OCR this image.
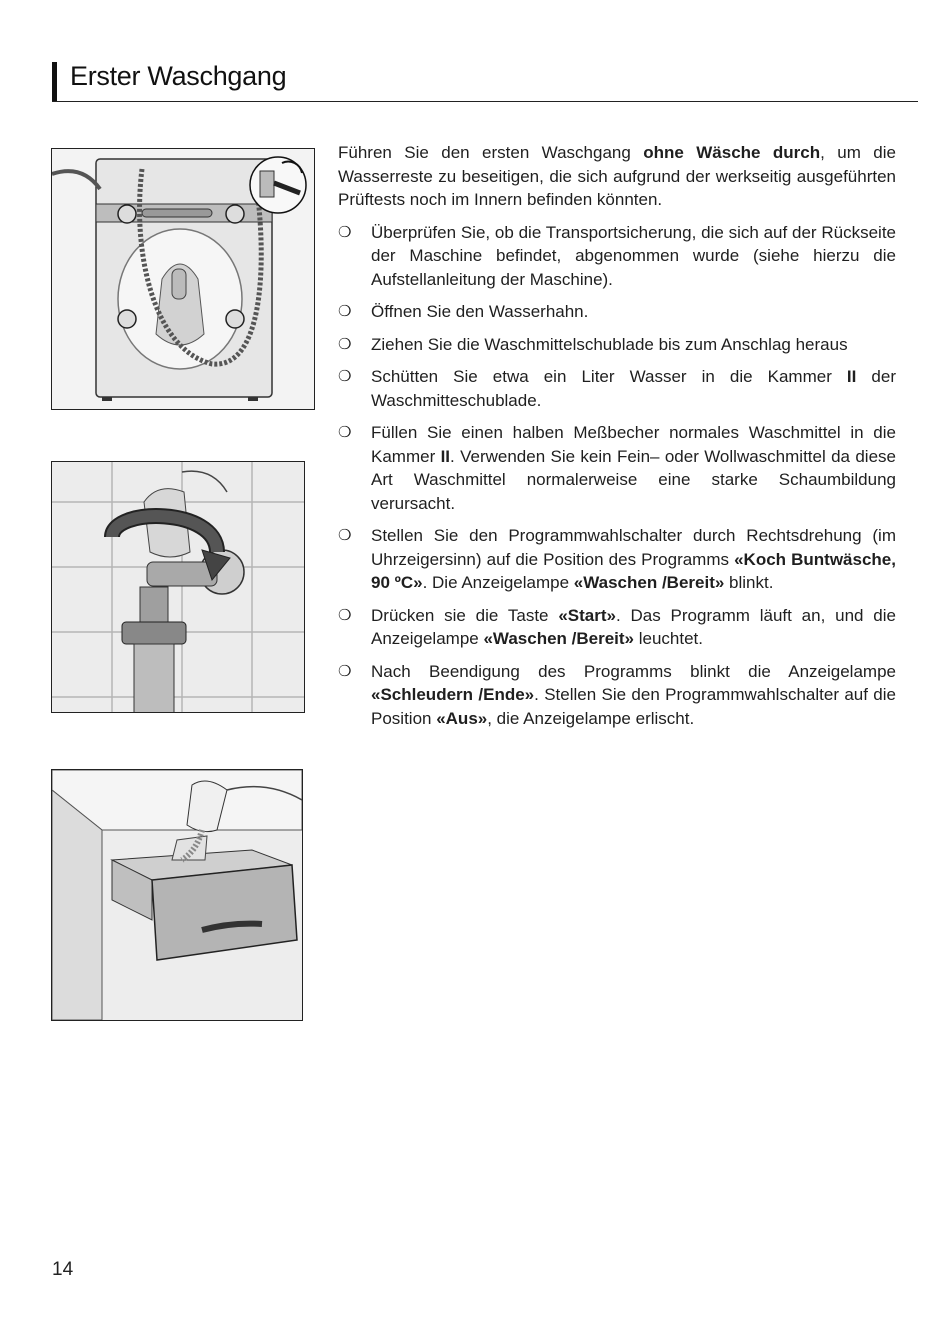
Erster Waschgang

Führen Sie den ersten Waschgang ohne Wäsche durch, um die Wasserreste zu beseitigen, die sich aufgrund der werkseitig ausgeführten Prüftests noch im Innern befinden könnten.

❍ Überprüfen Sie, ob die Transportsicherung, die sich auf der Rückseite der Maschine befindet, abgenommen wurde (siehe hierzu die Aufstellanleitung der Maschine).
❍ Öffnen Sie den Wasserhahn.
❍ Ziehen Sie die Waschmittelschublade bis zum Anschlag heraus
❍ Schütten Sie etwa ein Liter Wasser in die Kammer II der Waschmitteschublade.
❍ Füllen Sie einen halben Meßbecher normales Waschmittel in die Kammer II. Verwenden Sie kein Fein– oder Wollwaschmittel da diese Art Waschmittel normalerweise eine starke Schaumbildung verursacht.
❍ Stellen Sie den Programmwahlschalter durch Rechtsdrehung (im Uhrzeigersinn) auf die Position des Programms «Koch Buntwäsche, 90 ºC». Die Anzeigelampe «Waschen /Bereit» blinkt.
❍ Drücken sie die Taste «Start». Das Programm läuft an, und die Anzeigelampe «Waschen /Bereit» leuchtet.
❍ Nach Beendigung des Programms blinkt die Anzeigelampe «Schleudern /Ende». Stellen Sie den Programmwahlschalter auf die Position «Aus», die Anzeigelampe erlischt.
14
